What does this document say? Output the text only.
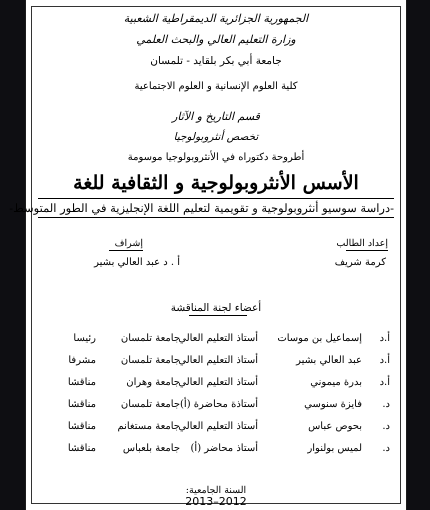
الجمهورية الجزائرية الديمقراطية الشعبية
وزارة التعليم العالي والبحث العلمي
جامعة أبي بكر بلقايد - تلمسان
كلية العلوم الإنسانية و العلوم الاجتماعية
قسم التاريخ و الآثار
تخصص أنثروبولوجيا
أطروحة دكتوراه في الأنثروبولوجيا موسومة
الأسس الأنثروبولوجية و الثقافية للغة
-دراسة سوسيو أنثروبولوجية و تقويمية لتعليم اللغة الإنجليزية في الطور المتوسط-
إعداد الطالب
كرمة شريف
إشراف
أ . د عبد العالي بشير
أعضاء لجنة المناقشة
أ.د
إسماعيل بن موسات
أستاذ التعليم العالي
جامعة تلمسان
رئيسا
أ.د
عبد العالي بشير
أستاذ التعليم العالي
جامعة تلمسان
مشرفا
أ.د
بدرة ميموني
أستاذ التعليم العالي
جامعة وهران
مناقشا
د.
فايزة سنوسي
أستاذة محاضرة (أ)
جامعة تلمسان
مناقشا
د.
بحوص عباس
أستاذ التعليم العالي
جامعة مستغانم
مناقشا
د.
لميس بولنوار
أستاذ محاضر (أ)
جامعة بلعباس
مناقشا
السنة الجامعية:
2013–2012
